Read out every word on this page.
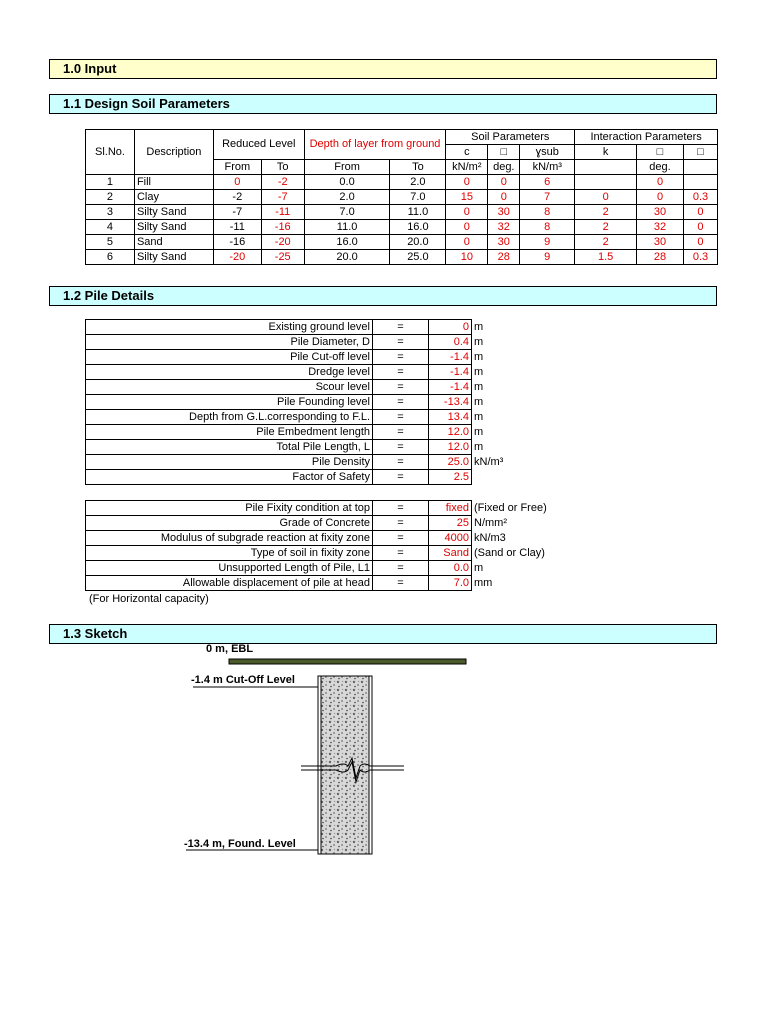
1.0 Input
1.1 Design Soil Parameters
Sl.No.	Description	Reduced Level		Depth of layer from ground		Soil Parameters			Interaction Parameters		
						c	□	ɣsub	k	□	□
		From	To	From	To	kN/m²	deg.	kN/m³		deg.	
1	Fill	0	-2	0.0	2.0	0	0	6		0	
2	Clay	-2	-7	2.0	7.0	15	0	7	0	0	0.3
3	Silty Sand	-7	-11	7.0	11.0	0	30	8	2	30	0
4	Silty Sand	-11	-16	11.0	16.0	0	32	8	2	32	0
5	Sand	-16	-20	16.0	20.0	0	30	9	2	30	0
6	Silty Sand	-20	-25	20.0	25.0	10	28	9	1.5	28	0.3
1.2 Pile Details
Existing ground level	=	0	m
Pile Diameter, D	=	0.4	m
Pile Cut-off level	=	-1.4	m
Dredge level	=	-1.4	m
Scour level	=	-1.4	m
Pile Founding level	=	-13.4	m
Depth from G.L.corresponding to F.L.	=	13.4	m
Pile Embedment length	=	12.0	m
Total Pile Length, L	=	12.0	m
Pile Density	=	25.0	kN/m³
Factor of Safety	=	2.5	
Pile Fixity condition at top	=	fixed	(Fixed or Free)
Grade of Concrete	=	25	N/mm²
Modulus of subgrade reaction at fixity zone	=	4000	kN/m3
Type of soil in fixity zone	=	Sand	(Sand or Clay)
Unsupported Length of Pile, L1	=	0.0	m
Allowable displacement of pile at head	=	7.0	mm
(For Horizontal capacity)
1.3 Sketch
0 m, EBL
-1.4 m Cut-Off Level
-13.4 m, Found. Level
